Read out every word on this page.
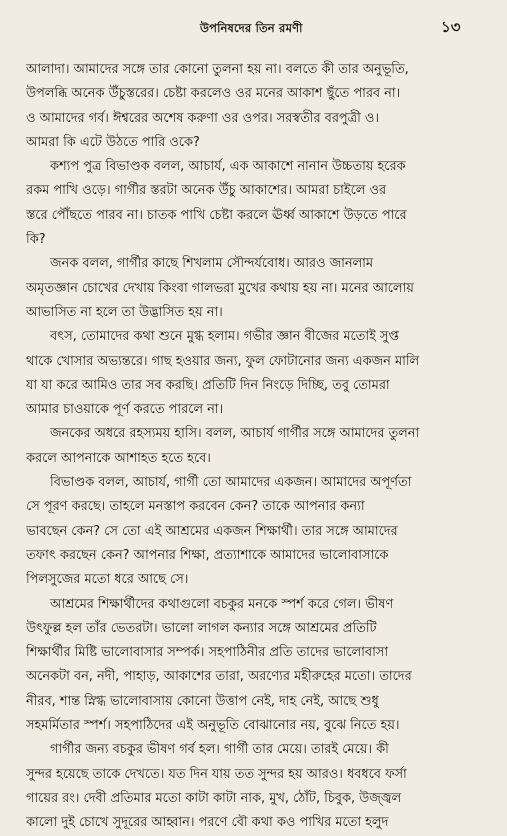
উপনিষদের তিন রমণী	১৩
আলাদা। আমাদের সঙ্গে তার কোনো তুলনা হয় না। বলতে কী তার অনুভূতি,
উপলব্ধি অনেক উঁচুস্তরের। চেষ্টা করলেও ওর মনের আকাশ ছুঁতে পারব না।
ও আমাদের গর্ব। ঈশ্বরের অশেষ করুণা ওর ওপর। সরস্বতীর বরপুত্রী ও।
আমরা কি এটে উঠতে পারি ওকে?
কশ্যপ পুত্র বিভাণ্ডক বলল, আচার্য, এক আকাশে নানান উচ্চতায় হরেক
রকম পাখি ওড়ে। গার্গীর স্তরটা অনেক উঁচু আকাশের। আমরা চাইলে ওর
স্তরে পৌঁছতে পারব না। চাতক পাখি চেষ্টা করলে ঊর্ধ্ব আকাশে উড়তে পারে
কি?
জনক বলল, গার্গীর কাছে শিখলাম সৌন্দর্যবোধ। আরও জানলাম
অমৃতজ্ঞান চোখের দেখায় কিংবা গালভরা মুখের কথায় হয় না। মনের আলোয়
আভাসিত না হলে তা উদ্ভাসিত হয় না।
বৎস, তোমাদের কথা শুনে মুগ্ধ হলাম। গভীর জ্ঞান বীজের মতোই সুপ্ত
থাকে খোসার অভ্যন্তরে। গাছ হওয়ার জন্য, ফুল ফোটানোর জন্য একজন মালি
যা যা করে আমিও তার সব করছি। প্রতিটি দিন নিংড়ে দিচ্ছি, তবু তোমরা
আমার চাওয়াকে পূর্ণ করতে পারলে না।
জনকের অধরে রহস্যময় হাসি। বলল, আচার্য গার্গীর সঙ্গে আমাদের তুলনা
করলে আপনাকে আশাহত হতে হবে।
বিভাণ্ডক বলল, আচার্য, গার্গী তো আমাদের একজন। আমাদের অপূর্ণতা
সে পূরণ করছে। তাহলে মনস্তাপ করবেন কেন? তাকে আপনার কন্যা
ভাবছেন কেন? সে তো এই আশ্রমের একজন শিক্ষার্থী। তার সঙ্গে আমাদের
তফাৎ করছেন কেন? আপনার শিক্ষা, প্রত্যাশাকে আমাদের ভালোবাসাকে
পিলসুজের মতো ধরে আছে সে।
আশ্রমের শিক্ষার্থীদের কথাগুলো বচকুর মনকে স্পর্শ করে গেল। ভীষণ
উৎফুল্ল হল তাঁর ভেতরটা। ভালো লাগল কন্যার সঙ্গে আশ্রমের প্রতিটি
শিক্ষার্থীর মিষ্টি ভালোবাসার সম্পর্ক। সহপাঠিনীর প্রতি তাদের ভালোবাসা
অনেকটা বন, নদী, পাহাড়, আকাশের তারা, অরণ্যের মহীরুহের মতো। তাদের
নীরব, শান্ত স্নিগ্ধ ভালোবাসায় কোনো উত্তাপ নেই, দাহ নেই, আছে শুধু
সহমর্মিতার স্পর্শ। সহপাঠিদের এই অনুভূতি বোঝানোর নয়, বুঝে নিতে হয়।
গার্গীর জন্য বচকুর ভীষণ গর্ব হল। গার্গী তার মেয়ে। তারই মেয়ে। কী
সুন্দর হয়েছে তাকে দেখতে। যত দিন যায় তত সুন্দর হয় আরও। ধবধবে ফর্সা
গায়ের রং। দেবী প্রতিমার মতো কাটা কাটা নাক, মুখ, ঠোঁট, চিবুক, উজ্জ্বল
কালো দুই চোখে সুদূরের আহ্বান। পরণে বৌ কথা কও পাখির মতো হলুদ
